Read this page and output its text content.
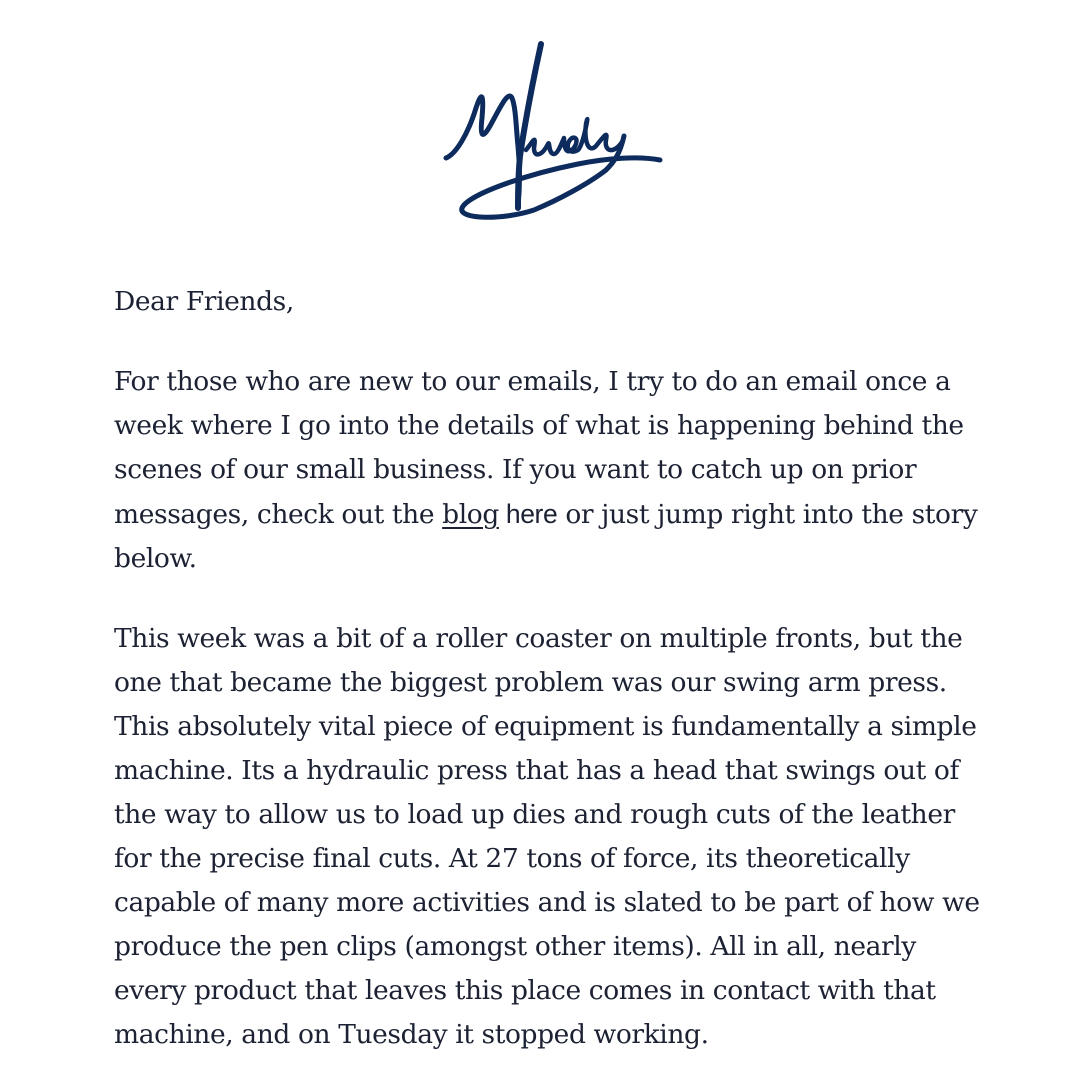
Dear Friends,

For those who are new to our emails, I try to do an email once a week where I go into the details of what is happening behind the scenes of our small business. If you want to catch up on prior messages, check out the blog here or just jump right into the story below.

This week was a bit of a roller coaster on multiple fronts, but the one that became the biggest problem was our swing arm press. This absolutely vital piece of equipment is fundamentally a simple machine. Its a hydraulic press that has a head that swings out of the way to allow us to load up dies and rough cuts of the leather for the precise final cuts. At 27 tons of force, its theoretically capable of many more activities and is slated to be part of how we produce the pen clips (amongst other items). All in all, nearly every product that leaves this place comes in contact with that machine, and on Tuesday it stopped working.
